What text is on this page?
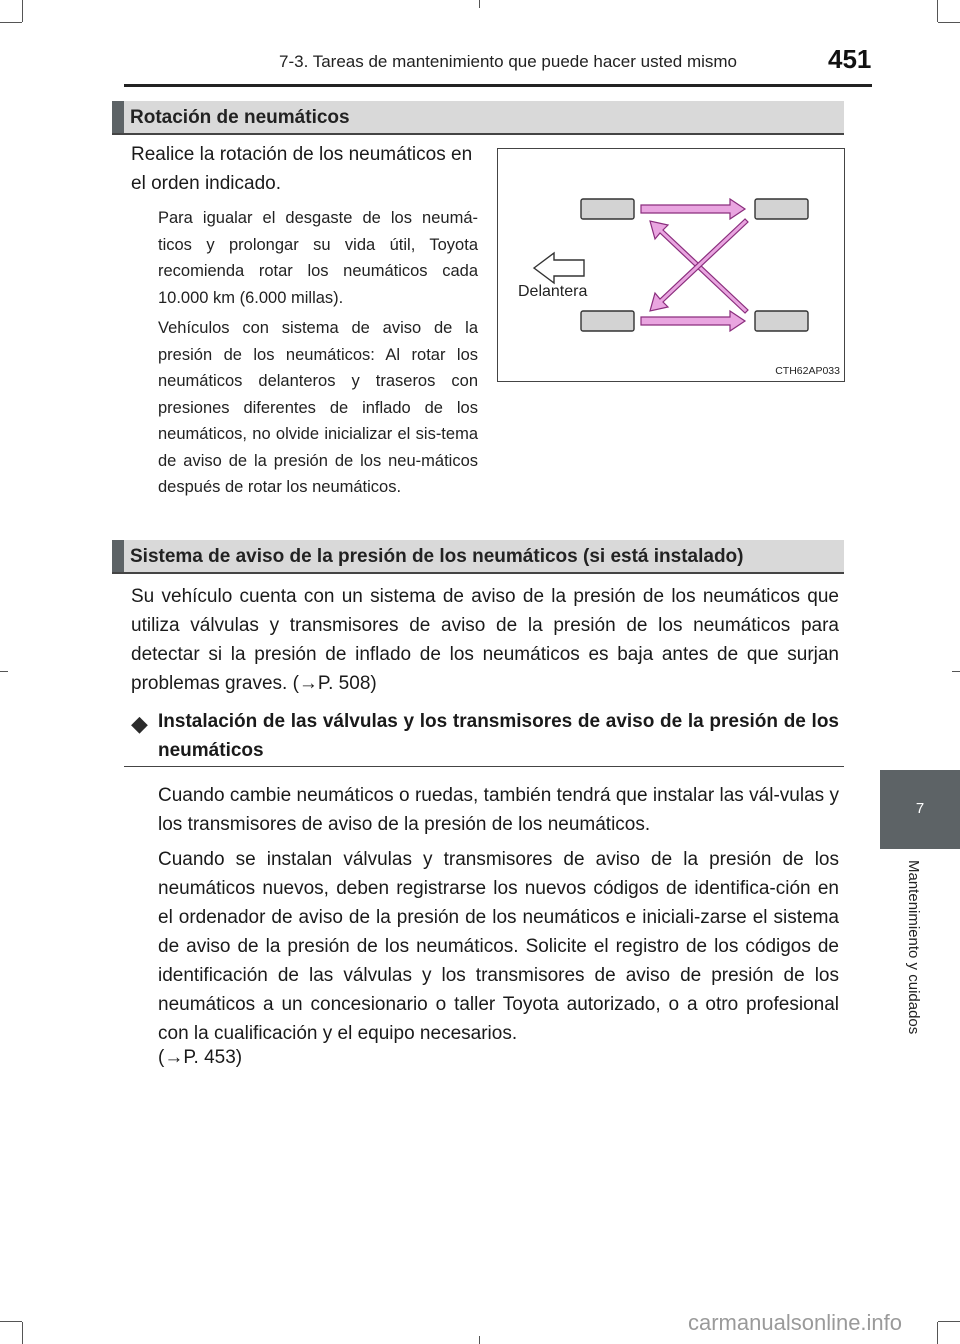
7-3. Tareas de mantenimiento que puede hacer usted mismo	451
Rotación de neumáticos
Realice la rotación de los neumáticos en el orden indicado.
Para igualar el desgaste de los neumá-ticos y prolongar su vida útil, Toyota recomienda rotar los neumáticos cada 10.000 km (6.000 millas).
Vehículos con sistema de aviso de la presión de los neumáticos: Al rotar los neumáticos delanteros y traseros con presiones diferentes de inflado de los neumáticos, no olvide inicializar el sis-tema de aviso de la presión de los neu-máticos después de rotar los neumáticos.
Delantera
CTH62AP033
Sistema de aviso de la presión de los neumáticos (si está instalado)
Su vehículo cuenta con un sistema de aviso de la presión de los neumáticos que utiliza válvulas y transmisores de aviso de la presión de los neumáticos para detectar si la presión de inflado de los neumáticos es baja antes de que surjan problemas graves. (→P. 508)
◆ Instalación de las válvulas y los transmisores de aviso de la presión de los neumáticos
Cuando cambie neumáticos o ruedas, también tendrá que instalar las vál-vulas y los transmisores de aviso de la presión de los neumáticos.
Cuando se instalan válvulas y transmisores de aviso de la presión de los neumáticos nuevos, deben registrarse los nuevos códigos de identifica-ción en el ordenador de aviso de la presión de los neumáticos e iniciali-zarse el sistema de aviso de la presión de los neumáticos. Solicite el registro de los códigos de identificación de las válvulas y los transmisores de aviso de presión de los neumáticos a un concesionario o taller Toyota autorizado, o a otro profesional con la cualificación y el equipo necesarios.
(→P. 453)
7
Mantenimiento y cuidados
carmanualsonline.info
